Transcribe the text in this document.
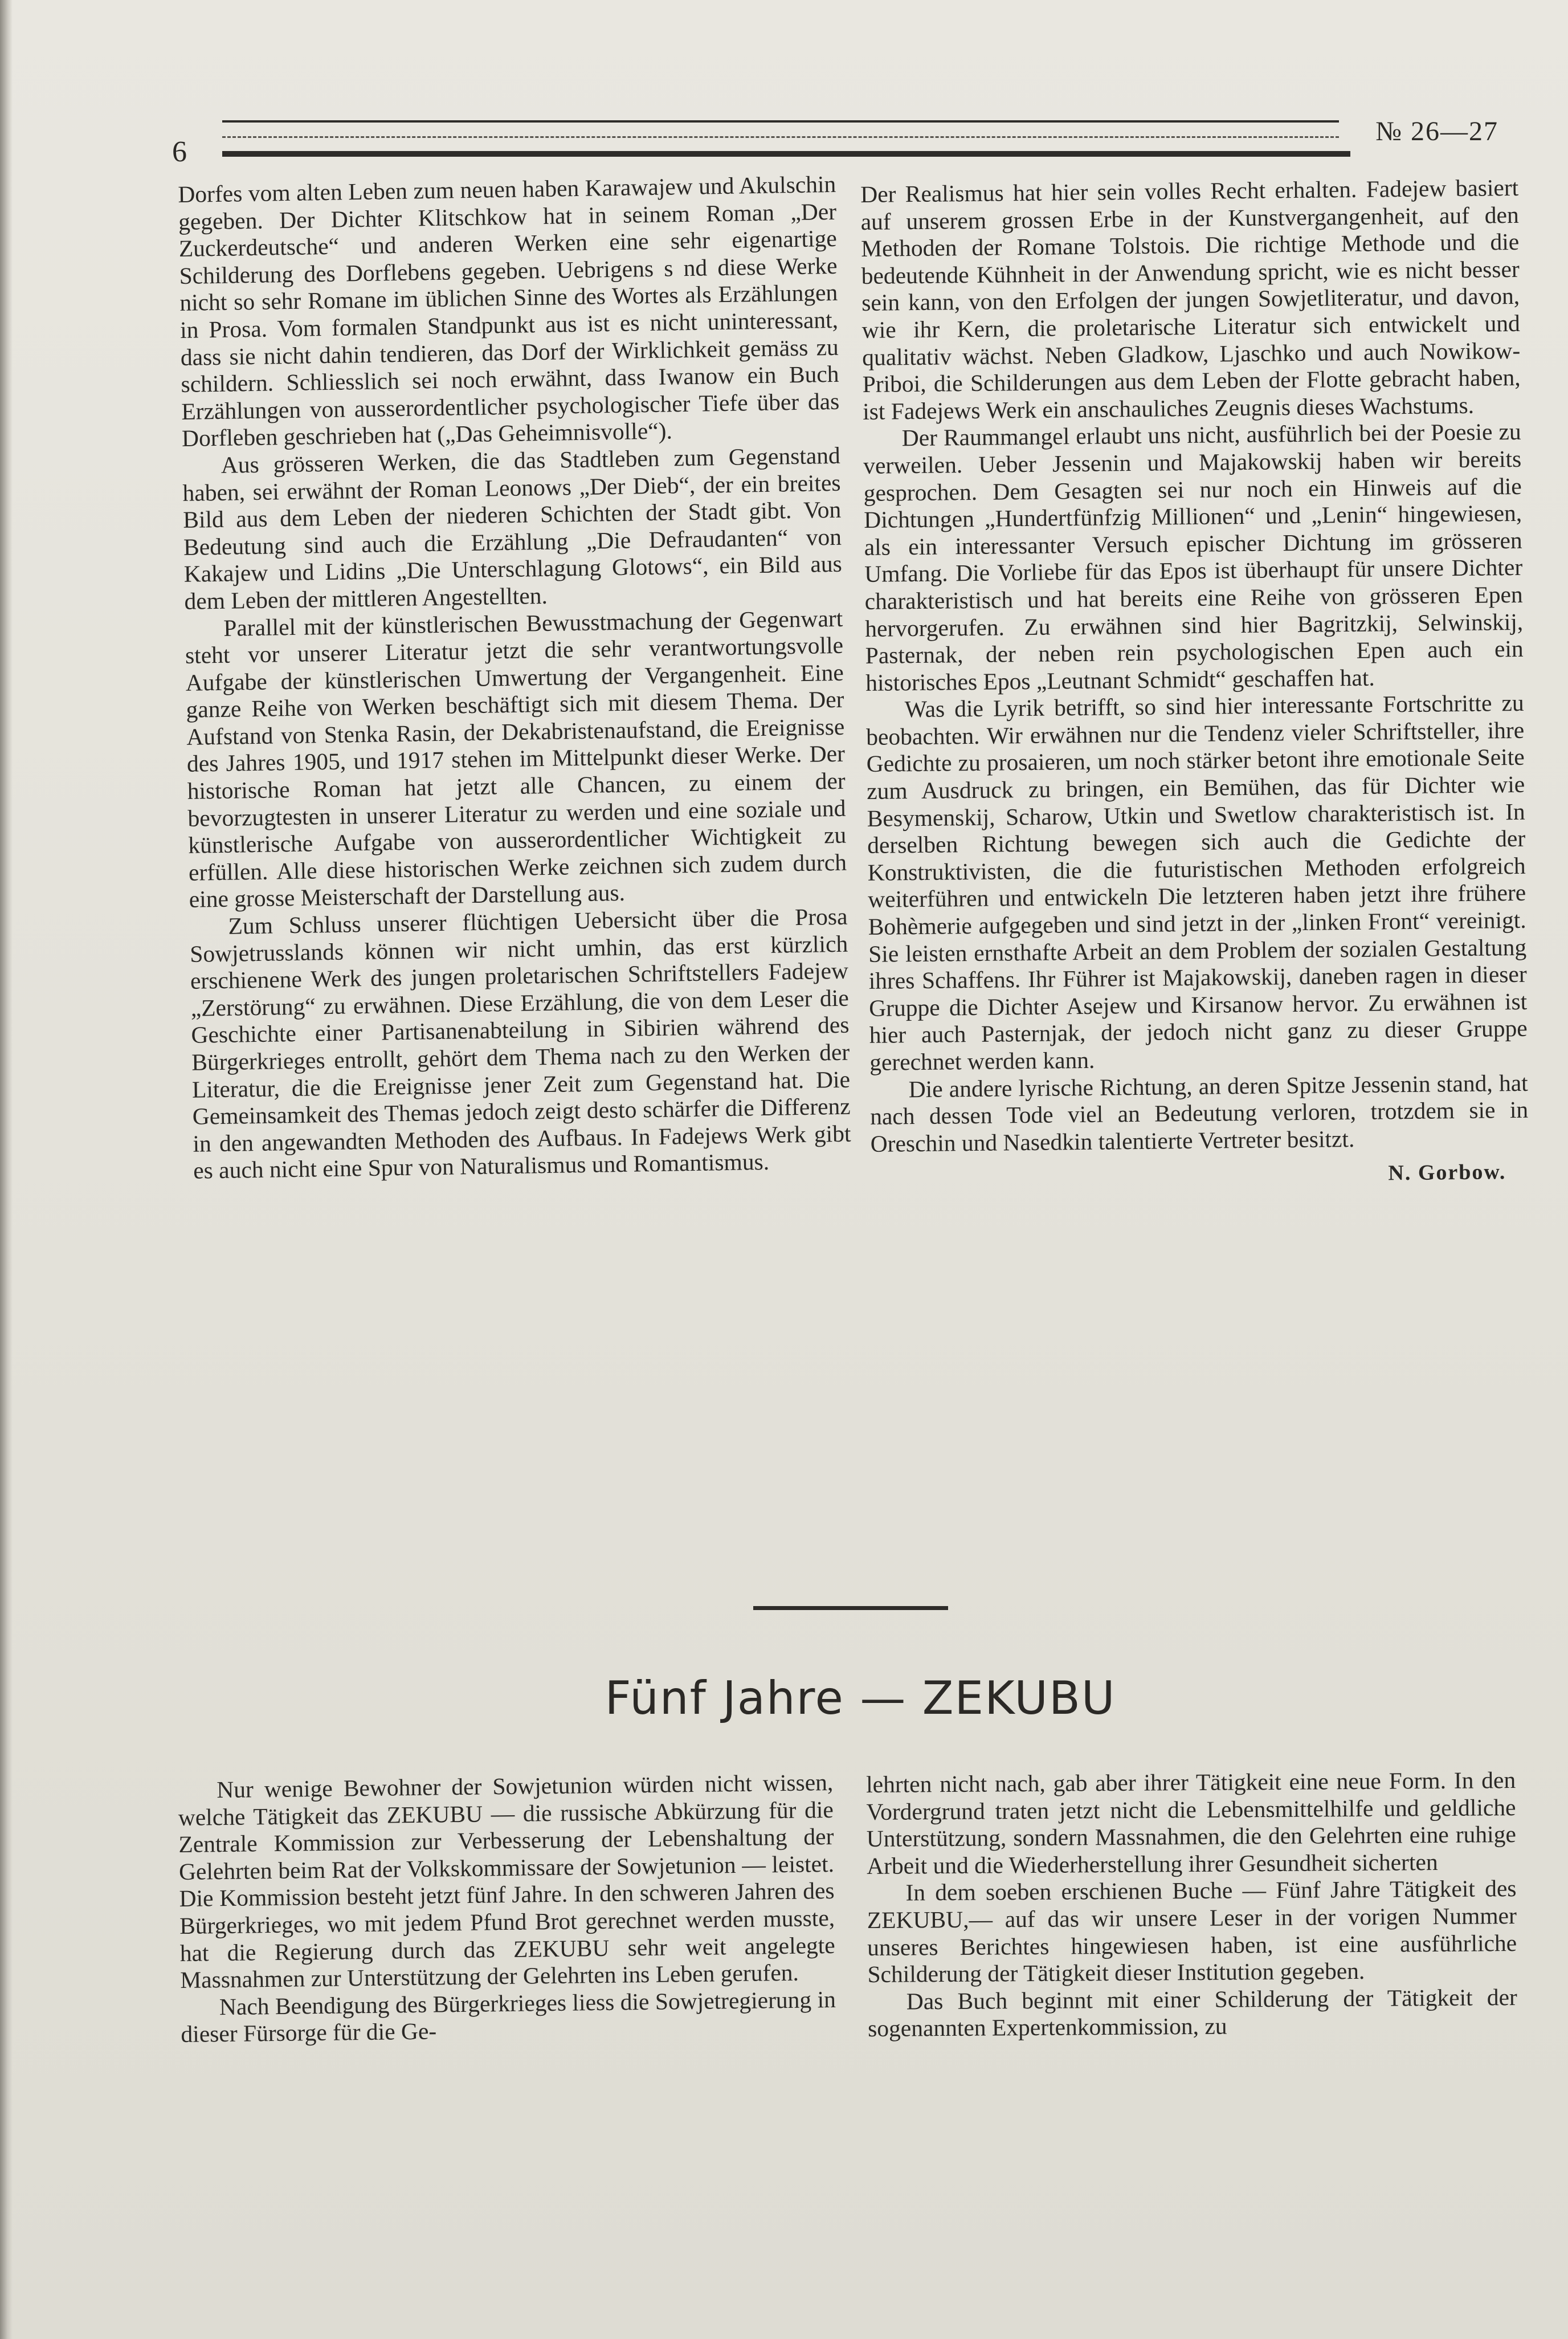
6
№ 26—27

Dorfes vom alten Leben zum neuen haben Karawajew und Akulschin gegeben. Der Dichter Klitschkow hat in seinem Roman „Der Zuckerdeutsche“ und anderen Werken eine sehr eigenartige Schilderung des Dorflebens gegeben. Uebrigens s nd diese Werke nicht so sehr Romane im üblichen Sinne des Wortes als Erzählungen in Prosa. Vom formalen Standpunkt aus ist es nicht uninteressant, dass sie nicht dahin tendieren, das Dorf der Wirklichkeit gemäss zu schildern. Schliesslich sei noch erwähnt, dass Iwanow ein Buch Erzählungen von ausserordentlicher psychologischer Tiefe über das Dorfleben geschrieben hat („Das Geheimnisvolle“).

Aus grösseren Werken, die das Stadtleben zum Gegenstand haben, sei erwähnt der Roman Leonows „Der Dieb“, der ein breites Bild aus dem Leben der niederen Schichten der Stadt gibt. Von Bedeutung sind auch die Erzählung „Die Defraudanten“ von Kakajew und Lidins „Die Unterschlagung Glotows“, ein Bild aus dem Leben der mittleren Angestellten.

Parallel mit der künstlerischen Bewusstmachung der Gegenwart steht vor unserer Literatur jetzt die sehr verantwortungsvolle Aufgabe der künstlerischen Umwertung der Vergangenheit. Eine ganze Reihe von Werken beschäftigt sich mit diesem Thema. Der Aufstand von Stenka Rasin, der Dekabristenaufstand, die Ereignisse des Jahres 1905, und 1917 stehen im Mittelpunkt dieser Werke. Der historische Roman hat jetzt alle Chancen, zu einem der bevorzugtesten in unserer Literatur zu werden und eine soziale und künstlerische Aufgabe von ausserordentlicher Wichtigkeit zu erfüllen. Alle diese historischen Werke zeichnen sich zudem durch eine grosse Meisterschaft der Darstellung aus.

Zum Schluss unserer flüchtigen Uebersicht über die Prosa Sowjetrusslands können wir nicht umhin, das erst kürzlich erschienene Werk des jungen proletarischen Schriftstellers Fadejew „Zerstörung“ zu erwähnen. Diese Erzählung, die von dem Leser die Geschichte einer Partisanenabteilung in Sibirien während des Bürgerkrieges entrollt, gehört dem Thema nach zu den Werken der Literatur, die die Ereignisse jener Zeit zum Gegenstand hat. Die Gemeinsamkeit des Themas jedoch zeigt desto schärfer die Differenz in den angewandten Methoden des Aufbaus. In Fadejews Werk gibt es auch nicht eine Spur von Naturalismus und Romantismus.

Der Realismus hat hier sein volles Recht erhalten. Fadejew basiert auf unserem grossen Erbe in der Kunstvergangenheit, auf den Methoden der Romane Tolstois. Die richtige Methode und die bedeutende Kühnheit in der Anwendung spricht, wie es nicht besser sein kann, von den Erfolgen der jungen Sowjetliteratur, und davon, wie ihr Kern, die proletarische Literatur sich entwickelt und qualitativ wächst. Neben Gladkow, Ljaschko und auch Nowikow-Priboi, die Schilderungen aus dem Leben der Flotte gebracht haben, ist Fadejews Werk ein anschauliches Zeugnis dieses Wachstums.

Der Raummangel erlaubt uns nicht, ausführlich bei der Poesie zu verweilen. Ueber Jessenin und Majakowskij haben wir bereits gesprochen. Dem Gesagten sei nur noch ein Hinweis auf die Dichtungen „Hundertfünfzig Millionen“ und „Lenin“ hingewiesen, als ein interessanter Versuch epischer Dichtung im grösseren Umfang. Die Vorliebe für das Epos ist überhaupt für unsere Dichter charakteristisch und hat bereits eine Reihe von grösseren Epen hervorgerufen. Zu erwähnen sind hier Bagritzkij, Selwinskij, Pasternak, der neben rein psychologischen Epen auch ein historisches Epos „Leutnant Schmidt“ geschaffen hat.

Was die Lyrik betrifft, so sind hier interessante Fortschritte zu beobachten. Wir erwähnen nur die Tendenz vieler Schriftsteller, ihre Gedichte zu prosaieren, um noch stärker betont ihre emotionale Seite zum Ausdruck zu bringen, ein Bemühen, das für Dichter wie Besymenskij, Scharow, Utkin und Swetlow charakteristisch ist. In derselben Richtung bewegen sich auch die Gedichte der Konstruktivisten, die die futuristischen Methoden erfolgreich weiterführen und entwickeln Die letzteren haben jetzt ihre frühere Bohèmerie aufgegeben und sind jetzt in der „linken Front“ vereinigt. Sie leisten ernsthafte Arbeit an dem Problem der sozialen Gestaltung ihres Schaffens. Ihr Führer ist Majakowskij, daneben ragen in dieser Gruppe die Dichter Asejew und Kirsanow hervor. Zu erwähnen ist hier auch Pasternjak, der jedoch nicht ganz zu dieser Gruppe gerechnet werden kann.

Die andere lyrische Richtung, an deren Spitze Jessenin stand, hat nach dessen Tode viel an Bedeutung verloren, trotzdem sie in Oreschin und Nasedkin talentierte Vertreter besitzt.

N. Gorbow.

Fünf Jahre — ZEKUBU

Nur wenige Bewohner der Sowjetunion würden nicht wissen, welche Tätigkeit das ZEKUBU — die russische Abkürzung für die Zentrale Kommission zur Verbesserung der Lebenshaltung der Gelehrten beim Rat der Volkskommissare der Sowjetunion — leistet. Die Kommission besteht jetzt fünf Jahre. In den schweren Jahren des Bürgerkrieges, wo mit jedem Pfund Brot gerechnet werden musste, hat die Regierung durch das ZEKUBU sehr weit angelegte Massnahmen zur Unterstützung der Gelehrten ins Leben gerufen.

Nach Beendigung des Bürgerkrieges liess die Sowjetregierung in dieser Fürsorge für die Ge-

lehrten nicht nach, gab aber ihrer Tätigkeit eine neue Form. In den Vordergrund traten jetzt nicht die Lebensmittelhilfe und geldliche Unterstützung, sondern Massnahmen, die den Gelehrten eine ruhige Arbeit und die Wiederherstellung ihrer Gesundheit sicherten

In dem soeben erschienen Buche — Fünf Jahre Tätigkeit des ZEKUBU,— auf das wir unsere Leser in der vorigen Nummer unseres Berichtes hingewiesen haben, ist eine ausführliche Schilderung der Tätigkeit dieser Institution gegeben.

Das Buch beginnt mit einer Schilderung der Tätigkeit der sogenannten Expertenkommission, zu
